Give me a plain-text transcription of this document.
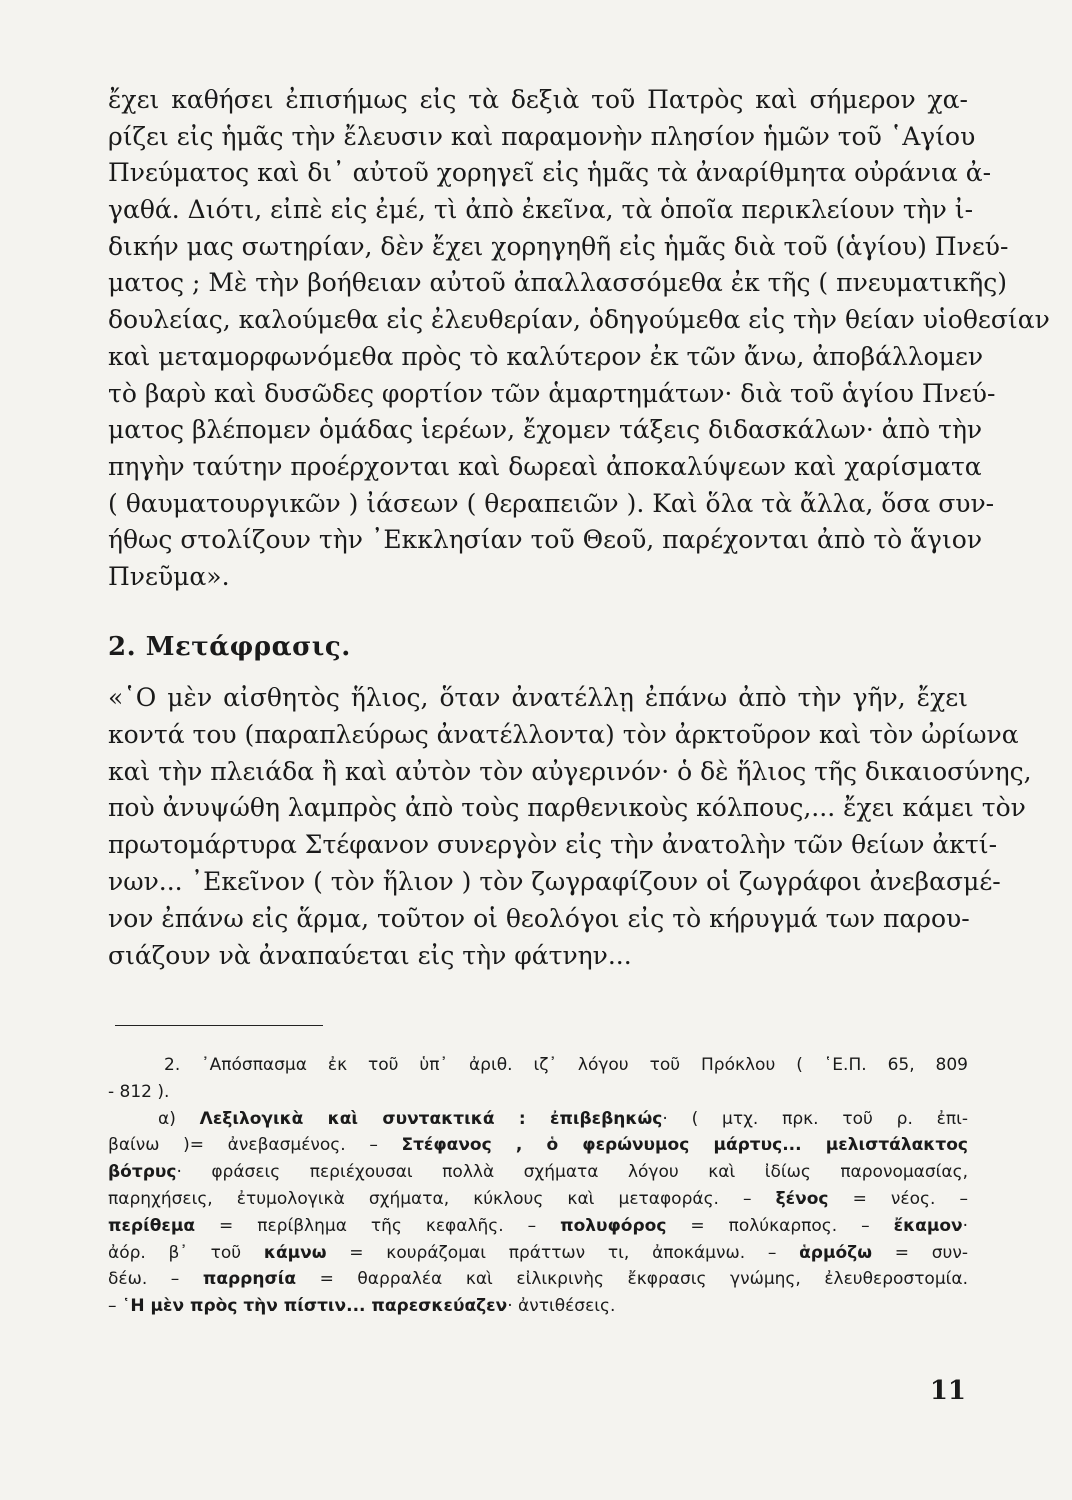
ἔχει καθήσει ἐπισήμως εἰς τὰ δεξιὰ τοῦ Πατρὸς καὶ σήμερον χα-
ρίζει εἰς ἡμᾶς τὴν ἔλευσιν καὶ παραμονὴν πλησίον ἡμῶν τοῦ ῾Αγίου
Πνεύματος καὶ δι᾽ αὐτοῦ χορηγεῖ εἰς ἡμᾶς τὰ ἀναρίθμητα οὐράνια ἀ-
γαθά. Διότι, εἰπὲ εἰς ἐμέ, τὶ ἀπὸ ἐκεῖνα, τὰ ὁποῖα περικλείουν τὴν ἰ-
δικήν μας σωτηρίαν, δὲν ἔχει χορηγηθῆ εἰς ἡμᾶς διὰ τοῦ (ἁγίου) Πνεύ-
ματος ; Μὲ τὴν βοήθειαν αὐτοῦ ἀπαλλασσόμεθα ἐκ τῆς ( πνευματικῆς)
δουλείας, καλούμεθα εἰς ἐλευθερίαν, ὁδηγούμεθα εἰς τὴν θείαν υἱοθεσίαν
καὶ μεταμορφωνόμεθα πρὸς τὸ καλύτερον ἐκ τῶν ἄνω, ἀποβάλλομεν
τὸ βαρὺ καὶ δυσῶδες φορτίον τῶν ἁμαρτημάτων· διὰ τοῦ ἁγίου Πνεύ-
ματος βλέπομεν ὁμάδας ἱερέων, ἔχομεν τάξεις διδασκάλων· ἀπὸ τὴν
πηγὴν ταύτην προέρχονται καὶ δωρεαὶ ἀποκαλύψεων καὶ χαρίσματα
( θαυματουργικῶν ) ἰάσεων ( θεραπειῶν ). Καὶ ὅλα τὰ ἄλλα, ὅσα συν-
ήθως στολίζουν τὴν ᾿Εκκλησίαν τοῦ Θεοῦ, παρέχονται ἀπὸ τὸ ἅγιον
Πνεῦμα».
2. Μετάφρασις.
«῾Ο μὲν αἰσθητὸς ἥλιος, ὅταν ἀνατέλλῃ ἐπάνω ἀπὸ τὴν γῆν, ἔχει
κοντά του (παραπλεύρως ἀνατέλλοντα) τὸν ἀρκτοῦρον καὶ τὸν ὠρίωνα
καὶ τὴν πλειάδα ἢ καὶ αὐτὸν τὸν αὐγερινόν· ὁ δὲ ἥλιος τῆς δικαιοσύνης,
ποὺ ἀνυψώθη λαμπρὸς ἀπὸ τοὺς παρθενικοὺς κόλπους,... ἔχει κάμει τὸν
πρωτομάρτυρα Στέφανον συνεργὸν εἰς τὴν ἀνατολὴν τῶν θείων ἀκτί-
νων... ᾿Εκεῖνον ( τὸν ἥλιον ) τὸν ζωγραφίζουν οἱ ζωγράφοι ἀνεβασμέ-
νον ἐπάνω εἰς ἅρμα, τοῦτον οἱ θεολόγοι εἰς τὸ κήρυγμά των παρου-
σιάζουν νὰ ἀναπαύεται εἰς τὴν φάτνην...
2. ᾿Απόσπασμα ἐκ τοῦ ὑπ᾽ ἀριθ. ιζ᾽ λόγου τοῦ Πρόκλου ( ῾Ε.Π. 65, 809
- 812 ).
α) Λεξιλογικὰ καὶ συντακτικά : ἐπιβεβηκώς· ( μτχ. πρκ. τοῦ ρ. ἐπι-
βαίνω )= ἀνεβασμένος. – Στέφανος , ὁ φερώνυμος μάρτυς... μελιστάλακτος
βότρυς· φράσεις περιέχουσαι πολλὰ σχήματα λόγου καὶ ἰδίως παρονομασίας,
παρηχήσεις, ἐτυμολογικὰ σχήματα, κύκλους καὶ μεταφοράς. – ξένος = νέος. –
περίθεμα = περίβλημα τῆς κεφαλῆς. – πολυφόρος = πολύκαρπος. – ἔκαμον·
ἀόρ. β᾽ τοῦ κάμνω = κουράζομαι πράττων τι, ἀποκάμνω. – ἁρμόζω = συν-
δέω. – παρρησία = θαρραλέα καὶ εἰλικρινὴς ἔκφρασις γνώμης, ἐλευθεροστομία.
– ῾Η μὲν πρὸς τὴν πίστιν... παρεσκεύαζεν· ἀντιθέσεις.
11
